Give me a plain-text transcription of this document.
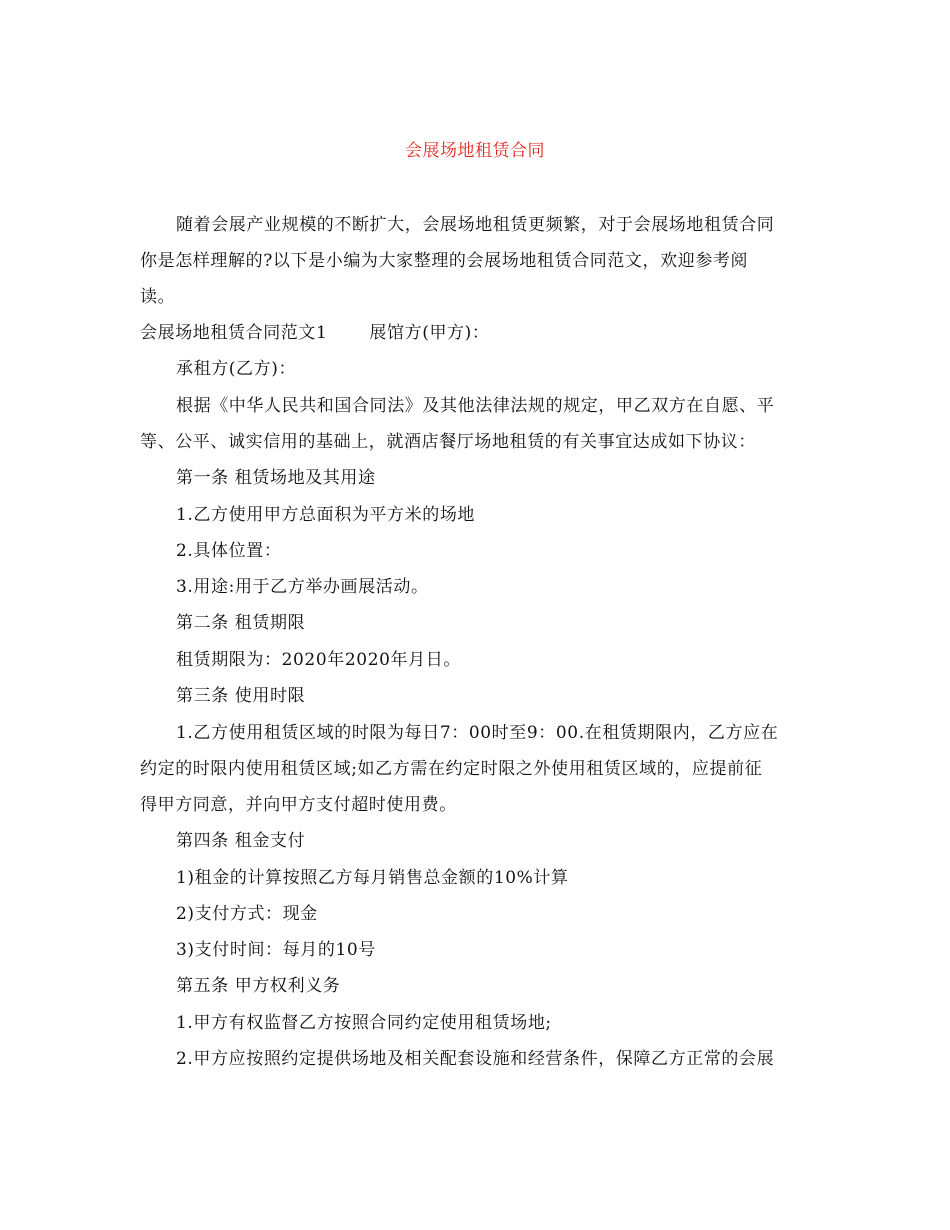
会展场地租赁合同
随着会展产业规模的不断扩大，会展场地租赁更频繁，对于会展场地租赁合同
你是怎样理解的?以下是小编为大家整理的会展场地租赁合同范文，欢迎参考阅
读。
会展场地租赁合同范文1 展馆方(甲方)：
承租方(乙方)：
根据《中华人民共和国合同法》及其他法律法规的规定，甲乙双方在自愿、平
等、公平、诚实信用的基础上，就酒店餐厅场地租赁的有关事宜达成如下协议：
第一条 租赁场地及其用途
1.乙方使用甲方总面积为平方米的场地
2.具体位置：
3.用途:用于乙方举办画展活动。
第二条 租赁期限
租赁期限为：2020年2020年月日。
第三条 使用时限
1.乙方使用租赁区域的时限为每日7：00时至9：00.在租赁期限内，乙方应在
约定的时限内使用租赁区域;如乙方需在约定时限之外使用租赁区域的，应提前征
得甲方同意，并向甲方支付超时使用费。
第四条 租金支付
1)租金的计算按照乙方每月销售总金额的10%计算
2)支付方式：现金
3)支付时间：每月的10号
第五条 甲方权利义务
1.甲方有权监督乙方按照合同约定使用租赁场地;
2.甲方应按照约定提供场地及相关配套设施和经营条件，保障乙方正常的会展
